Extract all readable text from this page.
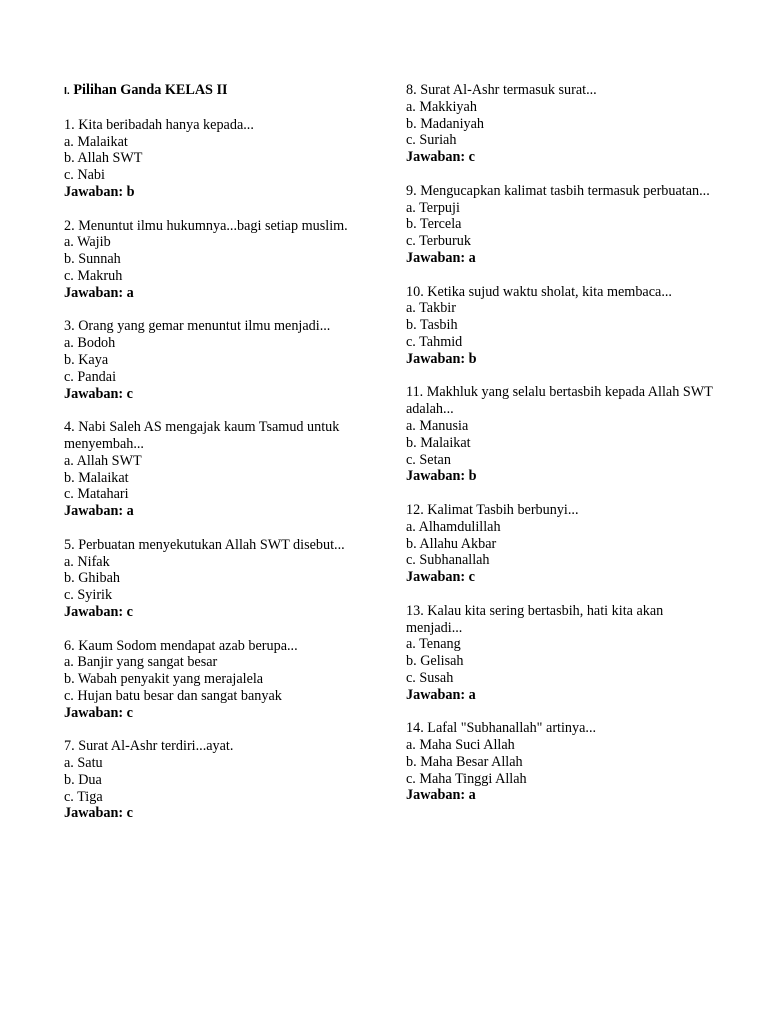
I. Pilihan Ganda KELAS II
1. Kita beribadah hanya kepada...
a. Malaikat
b. Allah SWT
c. Nabi
Jawaban: b
2. Menuntut ilmu hukumnya...bagi setiap muslim.
a. Wajib
b. Sunnah
c. Makruh
Jawaban: a
3. Orang yang gemar menuntut ilmu menjadi...
a. Bodoh
b. Kaya
c. Pandai
Jawaban: c
4. Nabi Saleh AS mengajak kaum Tsamud untuk menyembah...
a. Allah SWT
b. Malaikat
c. Matahari
Jawaban: a
5. Perbuatan menyekutukan Allah SWT disebut...
a. Nifak
b. Ghibah
c. Syirik
Jawaban: c
6. Kaum Sodom mendapat azab berupa...
a. Banjir yang sangat besar
b. Wabah penyakit yang merajalela
c. Hujan batu besar dan sangat banyak
Jawaban: c
7. Surat Al-Ashr terdiri...ayat.
a. Satu
b. Dua
c. Tiga
Jawaban: c
8. Surat Al-Ashr termasuk surat...
a. Makkiyah
b. Madaniyah
c. Suriah
Jawaban: c
9. Mengucapkan kalimat tasbih termasuk perbuatan...
a. Terpuji
b. Tercela
c. Terburuk
Jawaban: a
10. Ketika sujud waktu sholat, kita membaca...
a. Takbir
b. Tasbih
c. Tahmid
Jawaban: b
11. Makhluk yang selalu bertasbih kepada Allah SWT adalah...
a. Manusia
b. Malaikat
c. Setan
Jawaban: b
12. Kalimat Tasbih berbunyi...
a. Alhamdulillah
b. Allahu Akbar
c. Subhanallah
Jawaban: c
13. Kalau kita sering bertasbih, hati kita akan menjadi...
a. Tenang
b. Gelisah
c. Susah
Jawaban: a
14. Lafal "Subhanallah" artinya...
a. Maha Suci Allah
b. Maha Besar Allah
c. Maha Tinggi Allah
Jawaban: a
